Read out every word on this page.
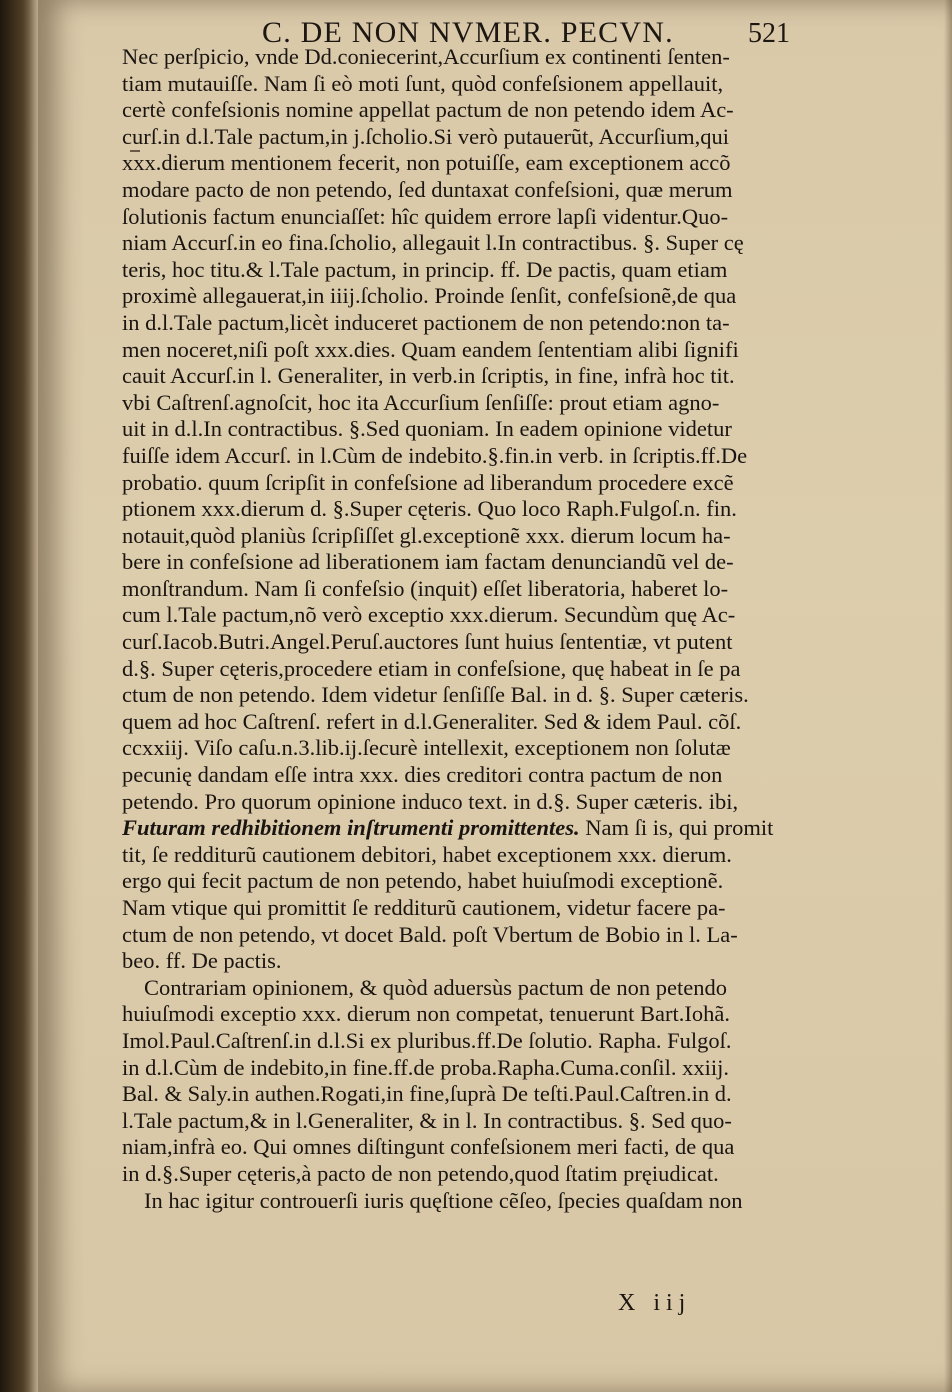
C. DE NON NVMER. PECVN.	521
Nec perſpicio, vnde Dd.coniecerint,Accurſium ex continenti ſenten-
tiam mutauiſſe. Nam ſi eò moti ſunt, quòd confeſsionem appellauit,
certè confeſsionis nomine appellat pactum de non petendo idem Ac-
curſ.in d.l.Tale pactum,in j.ſcholio.Si verò putauerũt, Accurſium,qui
xxx.dierum mentionem fecerit, non potuiſſe, eam exceptionem accõ
modare pacto de non petendo, ſed duntaxat confeſsioni, quæ merum
ſolutionis factum enunciaſſet: hîc quidem errore lapſi videntur.Quo-
niam Accurſ.in eo fina.ſcholio, allegauit l.In contractibus. §. Super cę
teris, hoc titu.& l.Tale pactum, in princip. ff. De pactis, quam etiam
proximè allegauerat,in iiij.ſcholio. Proinde ſenſit, confeſsionẽ,de qua
in d.l.Tale pactum,licèt induceret pactionem de non petendo:non ta-
men noceret,niſi poſt xxx.dies. Quam eandem ſententiam alibi ſignifi
cauit Accurſ.in l. Generaliter, in verb.in ſcriptis, in fine, infrà hoc tit.
vbi Caſtrenſ.agnoſcit, hoc ita Accurſium ſenſiſſe: prout etiam agno-
uit in d.l.In contractibus. §.Sed quoniam. In eadem opinione videtur
fuiſſe idem Accurſ. in l.Cùm de indebito.§.fin.in verb. in ſcriptis.ff.De
probatio. quum ſcripſit in confeſsione ad liberandum procedere excẽ
ptionem xxx.dierum d. §.Super cęteris. Quo loco Raph.Fulgoſ.n. fin.
notauit,quòd planiùs ſcripſiſſet gl.exceptionẽ xxx. dierum locum ha-
bere in confeſsione ad liberationem iam factam denunciandũ vel de-
monſtrandum. Nam ſi confeſsio (inquit) eſſet liberatoria, haberet lo-
cum l.Tale pactum,nõ verò exceptio xxx.dierum. Secundùm quę Ac-
curſ.Iacob.Butri.Angel.Peruſ.auctores ſunt huius ſententiæ, vt putent
d.§. Super cęteris,procedere etiam in confeſsione, quę habeat in ſe pa
ctum de non petendo. Idem videtur ſenſiſſe Bal. in d. §. Super cæteris.
quem ad hoc Caſtrenſ. refert in d.l.Generaliter. Sed & idem Paul. cõſ.
ccxxiij. Viſo caſu.n.3.lib.ij.ſecurè intellexit, exceptionem non ſolutæ
pecunię dandam eſſe intra xxx. dies creditori contra pactum de non
petendo. Pro quorum opinione induco text. in d.§. Super cæteris. ibi,
Futuram redhibitionem inſtrumenti promittentes. Nam ſi is, qui promit
tit, ſe redditurũ cautionem debitori, habet exceptionem xxx. dierum.
ergo qui fecit pactum de non petendo, habet huiuſmodi exceptionẽ.
Nam vtique qui promittit ſe redditurũ cautionem, videtur facere pa-
ctum de non petendo, vt docet Bald. poſt Vbertum de Bobio in l. La-
beo. ff. De pactis.
Contrariam opinionem, & quòd aduersùs pactum de non petendo
huiuſmodi exceptio xxx. dierum non competat, tenuerunt Bart.Iohã.
Imol.Paul.Caſtrenſ.in d.l.Si ex pluribus.ff.De ſolutio. Rapha. Fulgoſ.
in d.l.Cùm de indebito,in fine.ff.de proba.Rapha.Cuma.conſil. xxiij.
Bal. & Saly.in authen.Rogati,in fine,ſuprà De teſti.Paul.Caſtren.in d.
l.Tale pactum,& in l.Generaliter, & in l. In contractibus. §. Sed quo-
niam,infrà eo. Qui omnes diſtingunt confeſsionem meri facti, de qua
in d.§.Super cęteris,à pacto de non petendo,quod ſtatim pręiudicat.
In hac igitur controuerſi iuris quęſtione cẽſeo, ſpecies quaſdam non
X iij
